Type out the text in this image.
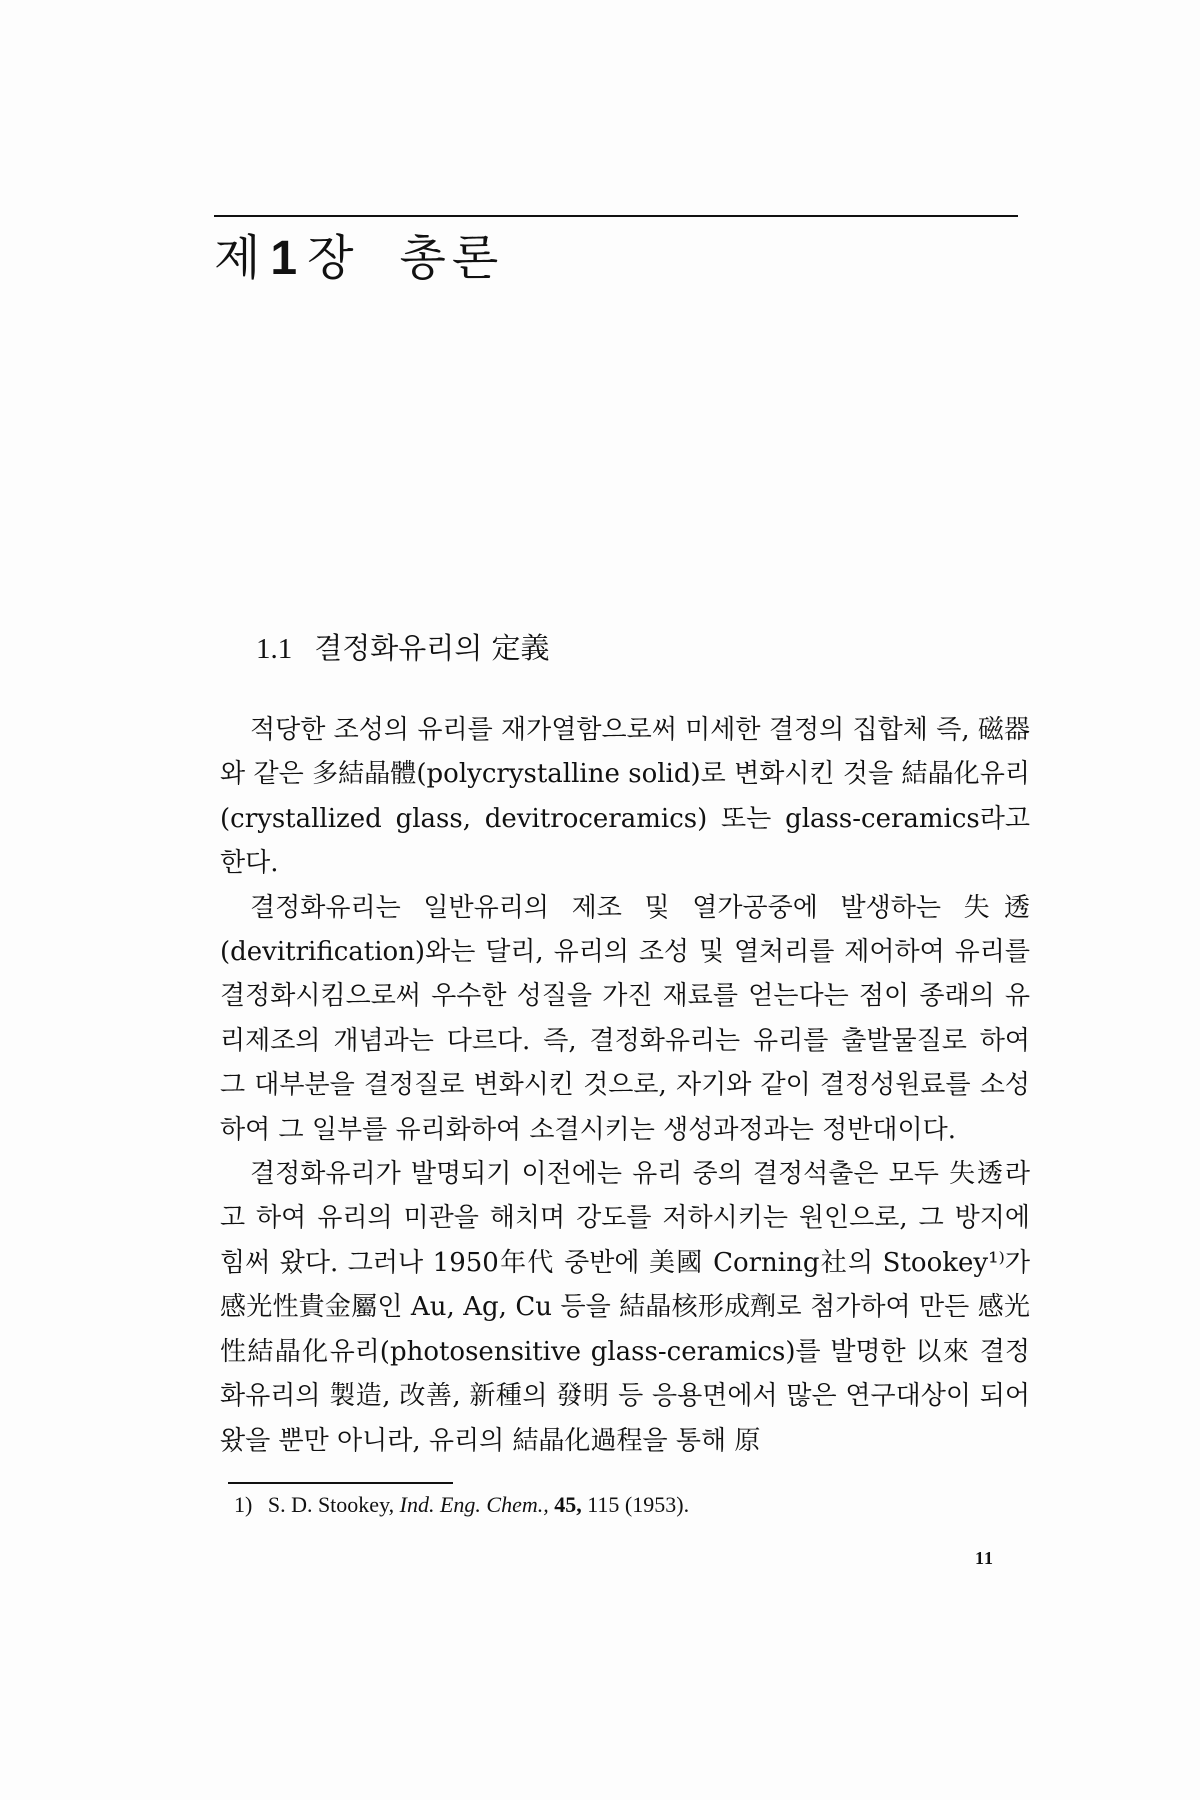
제1장 총론
1.1 결정화유리의 定義

적당한 조성의 유리를 재가열함으로써 미세한 결정의 집합체 즉, 磁器와 같은 多結晶體(polycrystalline solid)로 변화시킨 것을 結晶化유리(crystallized glass, devitroceramics) 또는 glass-ceramics라고 한다.

결정화유리는 일반유리의 제조 및 열가공중에 발생하는 失透(devitrification)와는 달리, 유리의 조성 및 열처리를 제어하여 유리를 결정화시킴으로써 우수한 성질을 가진 재료를 얻는다는 점이 종래의 유리제조의 개념과는 다르다. 즉, 결정화유리는 유리를 출발물질로 하여 그 대부분을 결정질로 변화시킨 것으로, 자기와 같이 결정성원료를 소성하여 그 일부를 유리화하여 소결시키는 생성과정과는 정반대이다.

결정화유리가 발명되기 이전에는 유리 중의 결정석출은 모두 失透라고 하여 유리의 미관을 해치며 강도를 저하시키는 원인으로, 그 방지에 힘써 왔다. 그러나 1950年代 중반에 美國 Corning社의 Stookey¹⁾가 感光性貴金屬인 Au, Ag, Cu 등을 結晶核形成劑로 첨가하여 만든 感光性結晶化유리(photosensitive glass-ceramics)를 발명한 以來 결정화유리의 製造, 改善, 新種의 發明 등 응용면에서 많은 연구대상이 되어 왔을 뿐만 아니라, 유리의 結晶化過程을 통해 原

1) S. D. Stookey, Ind. Eng. Chem., 45, 115 (1953).
11
